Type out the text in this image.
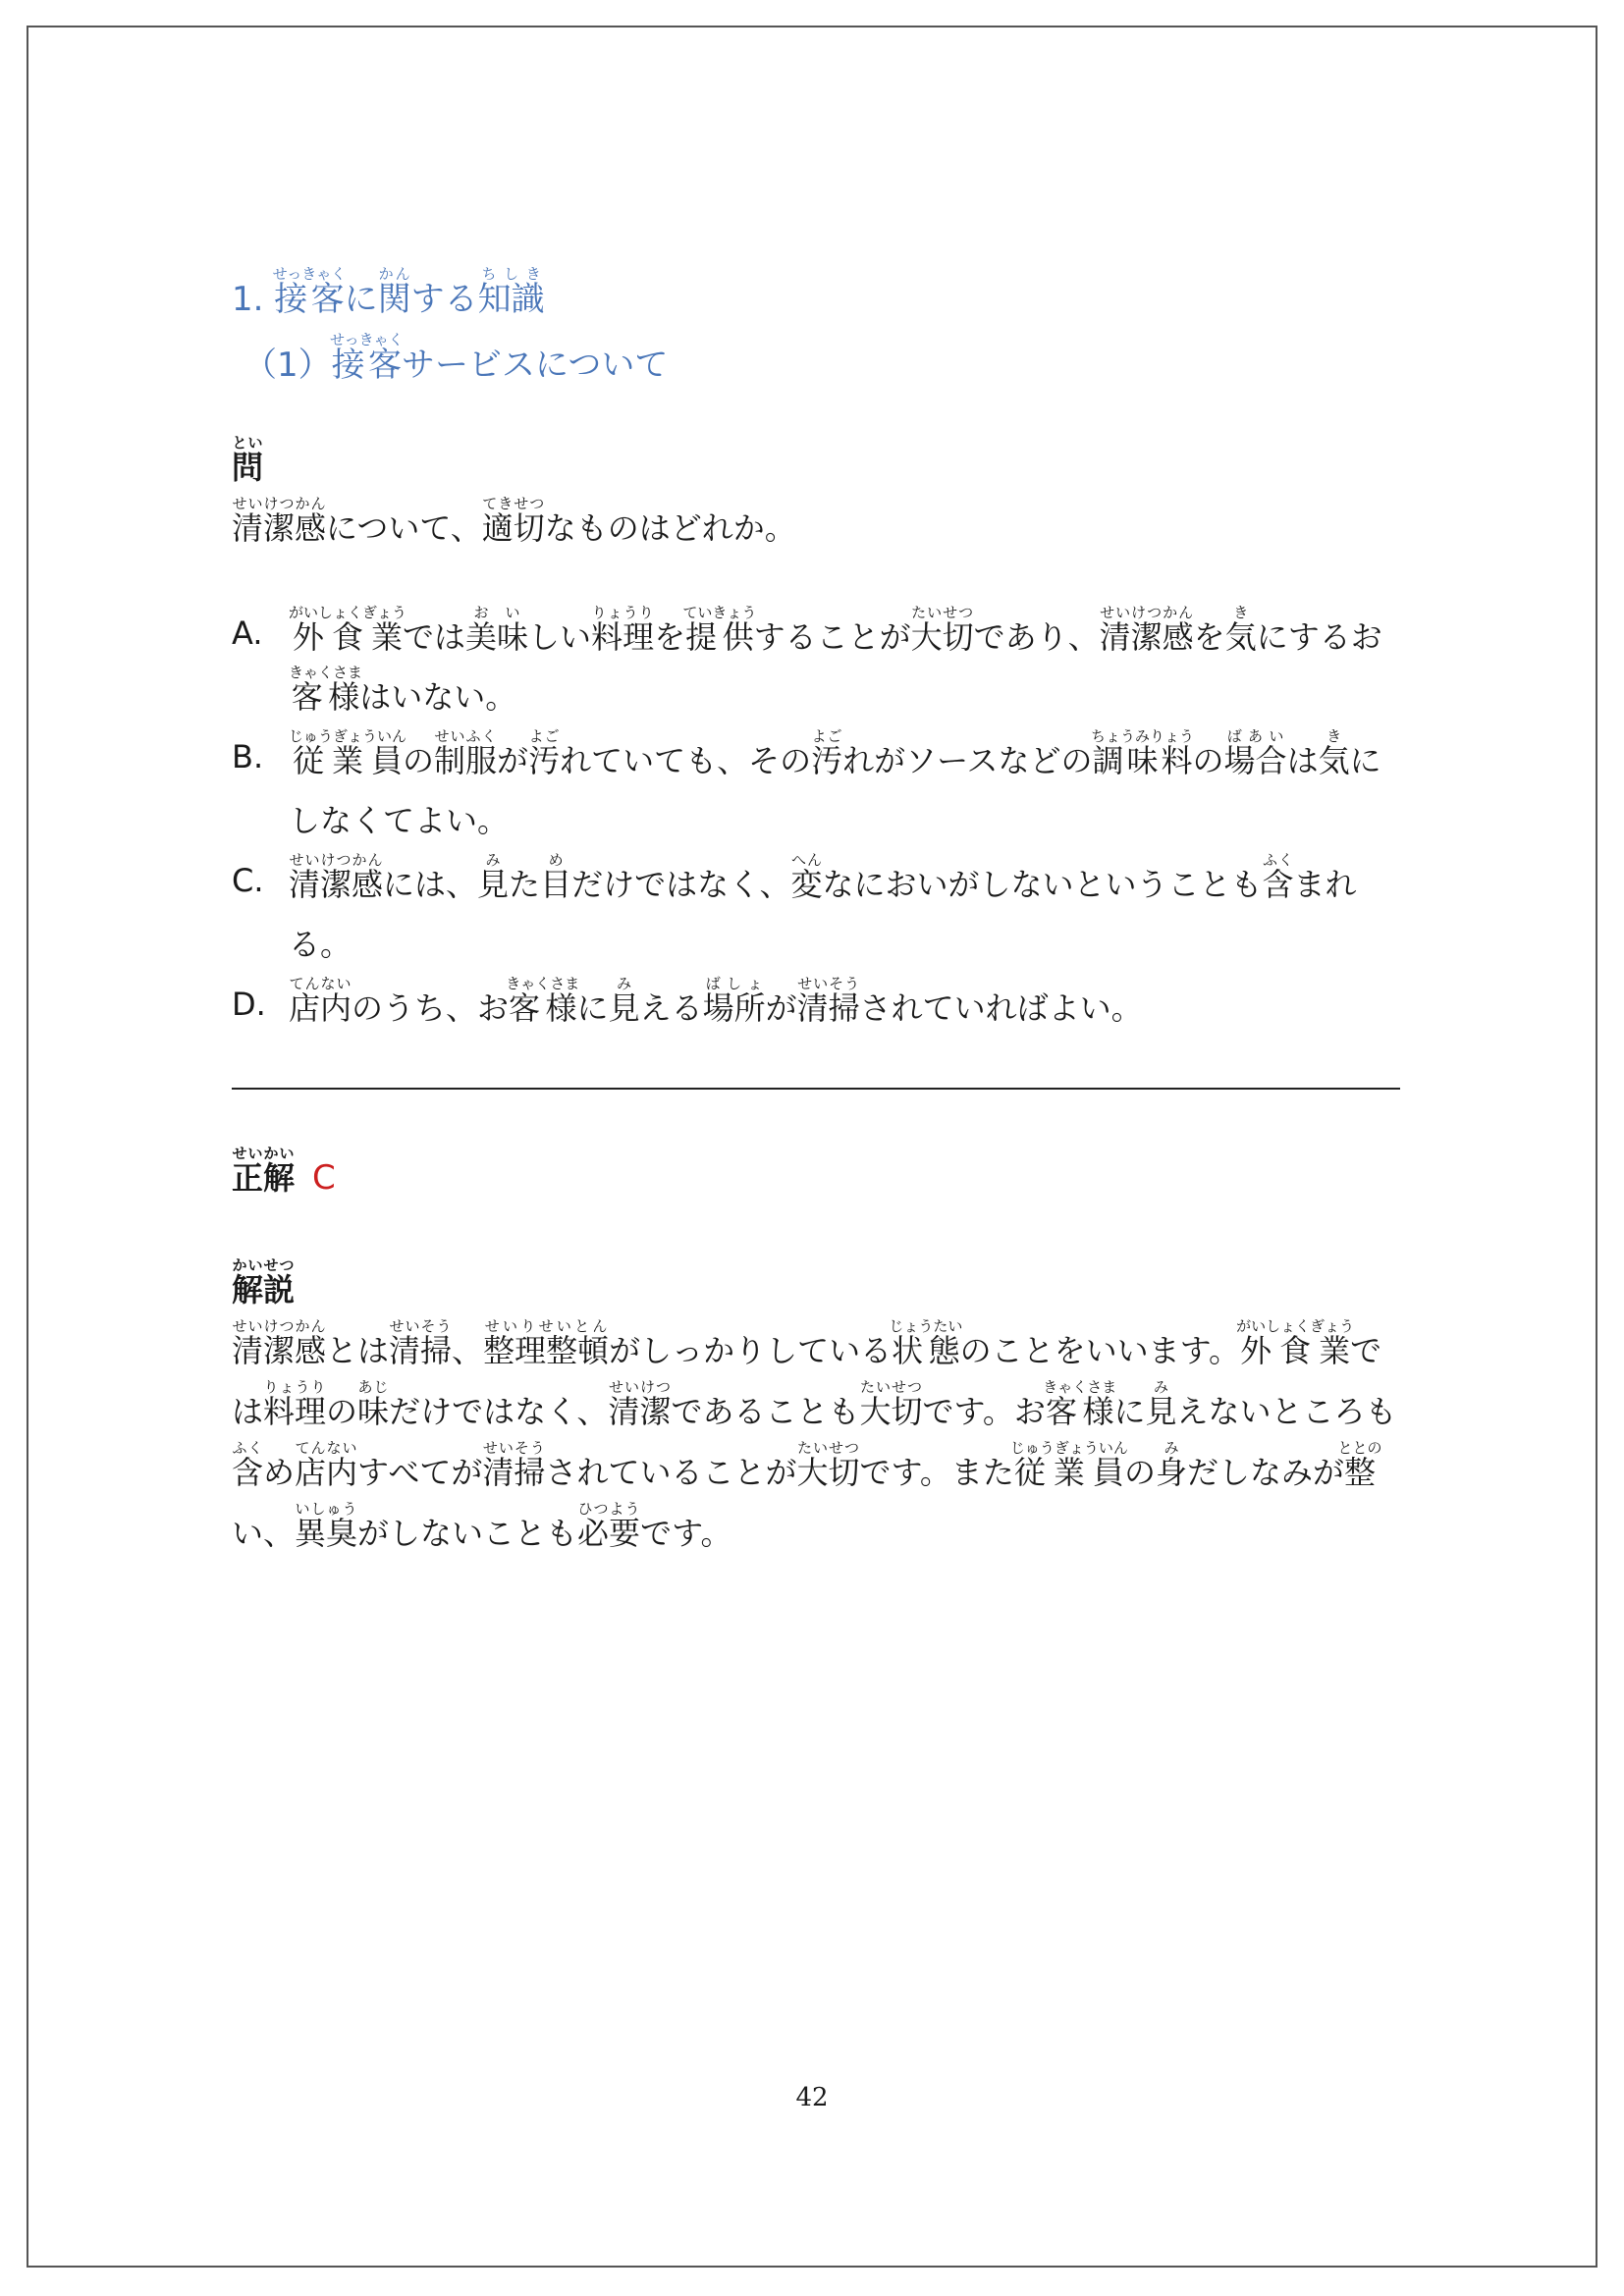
1. 接客せっきゃくに関かんする知識ちしき
（1）接客せっきゃくサービスについて
問とい
清潔感せいけつかんについて、適切てきせつなものはどれか。
A. 外食業がいしょくぎょうでは美味おいしい料理りょうりを提供ていきょうすることが大切たいせつであり、清潔感せいけつかんを気きにするお客様きゃくさまはいない。
B. 従業員じゅうぎょういんの制服せいふくが汚よごれていても、その汚よごれがソースなどの調味料ちょうみりょうの場合ばあいは気きにしなくてよい。
C. 清潔感せいけつかんには、見みた目めだけではなく、変へんなにおいがしないということも含ふくまれる。
D. 店内てんないのうち、お客様きゃくさまに見みえる場所ばしょが清掃せいそうされていればよい。
正解せいかい
C
解説かいせつ
清潔感せいけつかんとは清掃せいそう、整理整頓せいりせいとんがしっかりしている状態じょうたいのことをいいます。外食業がいしょくぎょうでは料理りょうりの味あじだけではなく、清潔せいけつであることも大切たいせつです。お客様きゃくさまに見みえないところも含ふくめ店内てんないすべてが清掃せいそうされていることが大切たいせつです。また従業員じゅうぎょういんの身みだしなみが整ととのい、異臭いしゅうがしないことも必要ひつようです。
42
